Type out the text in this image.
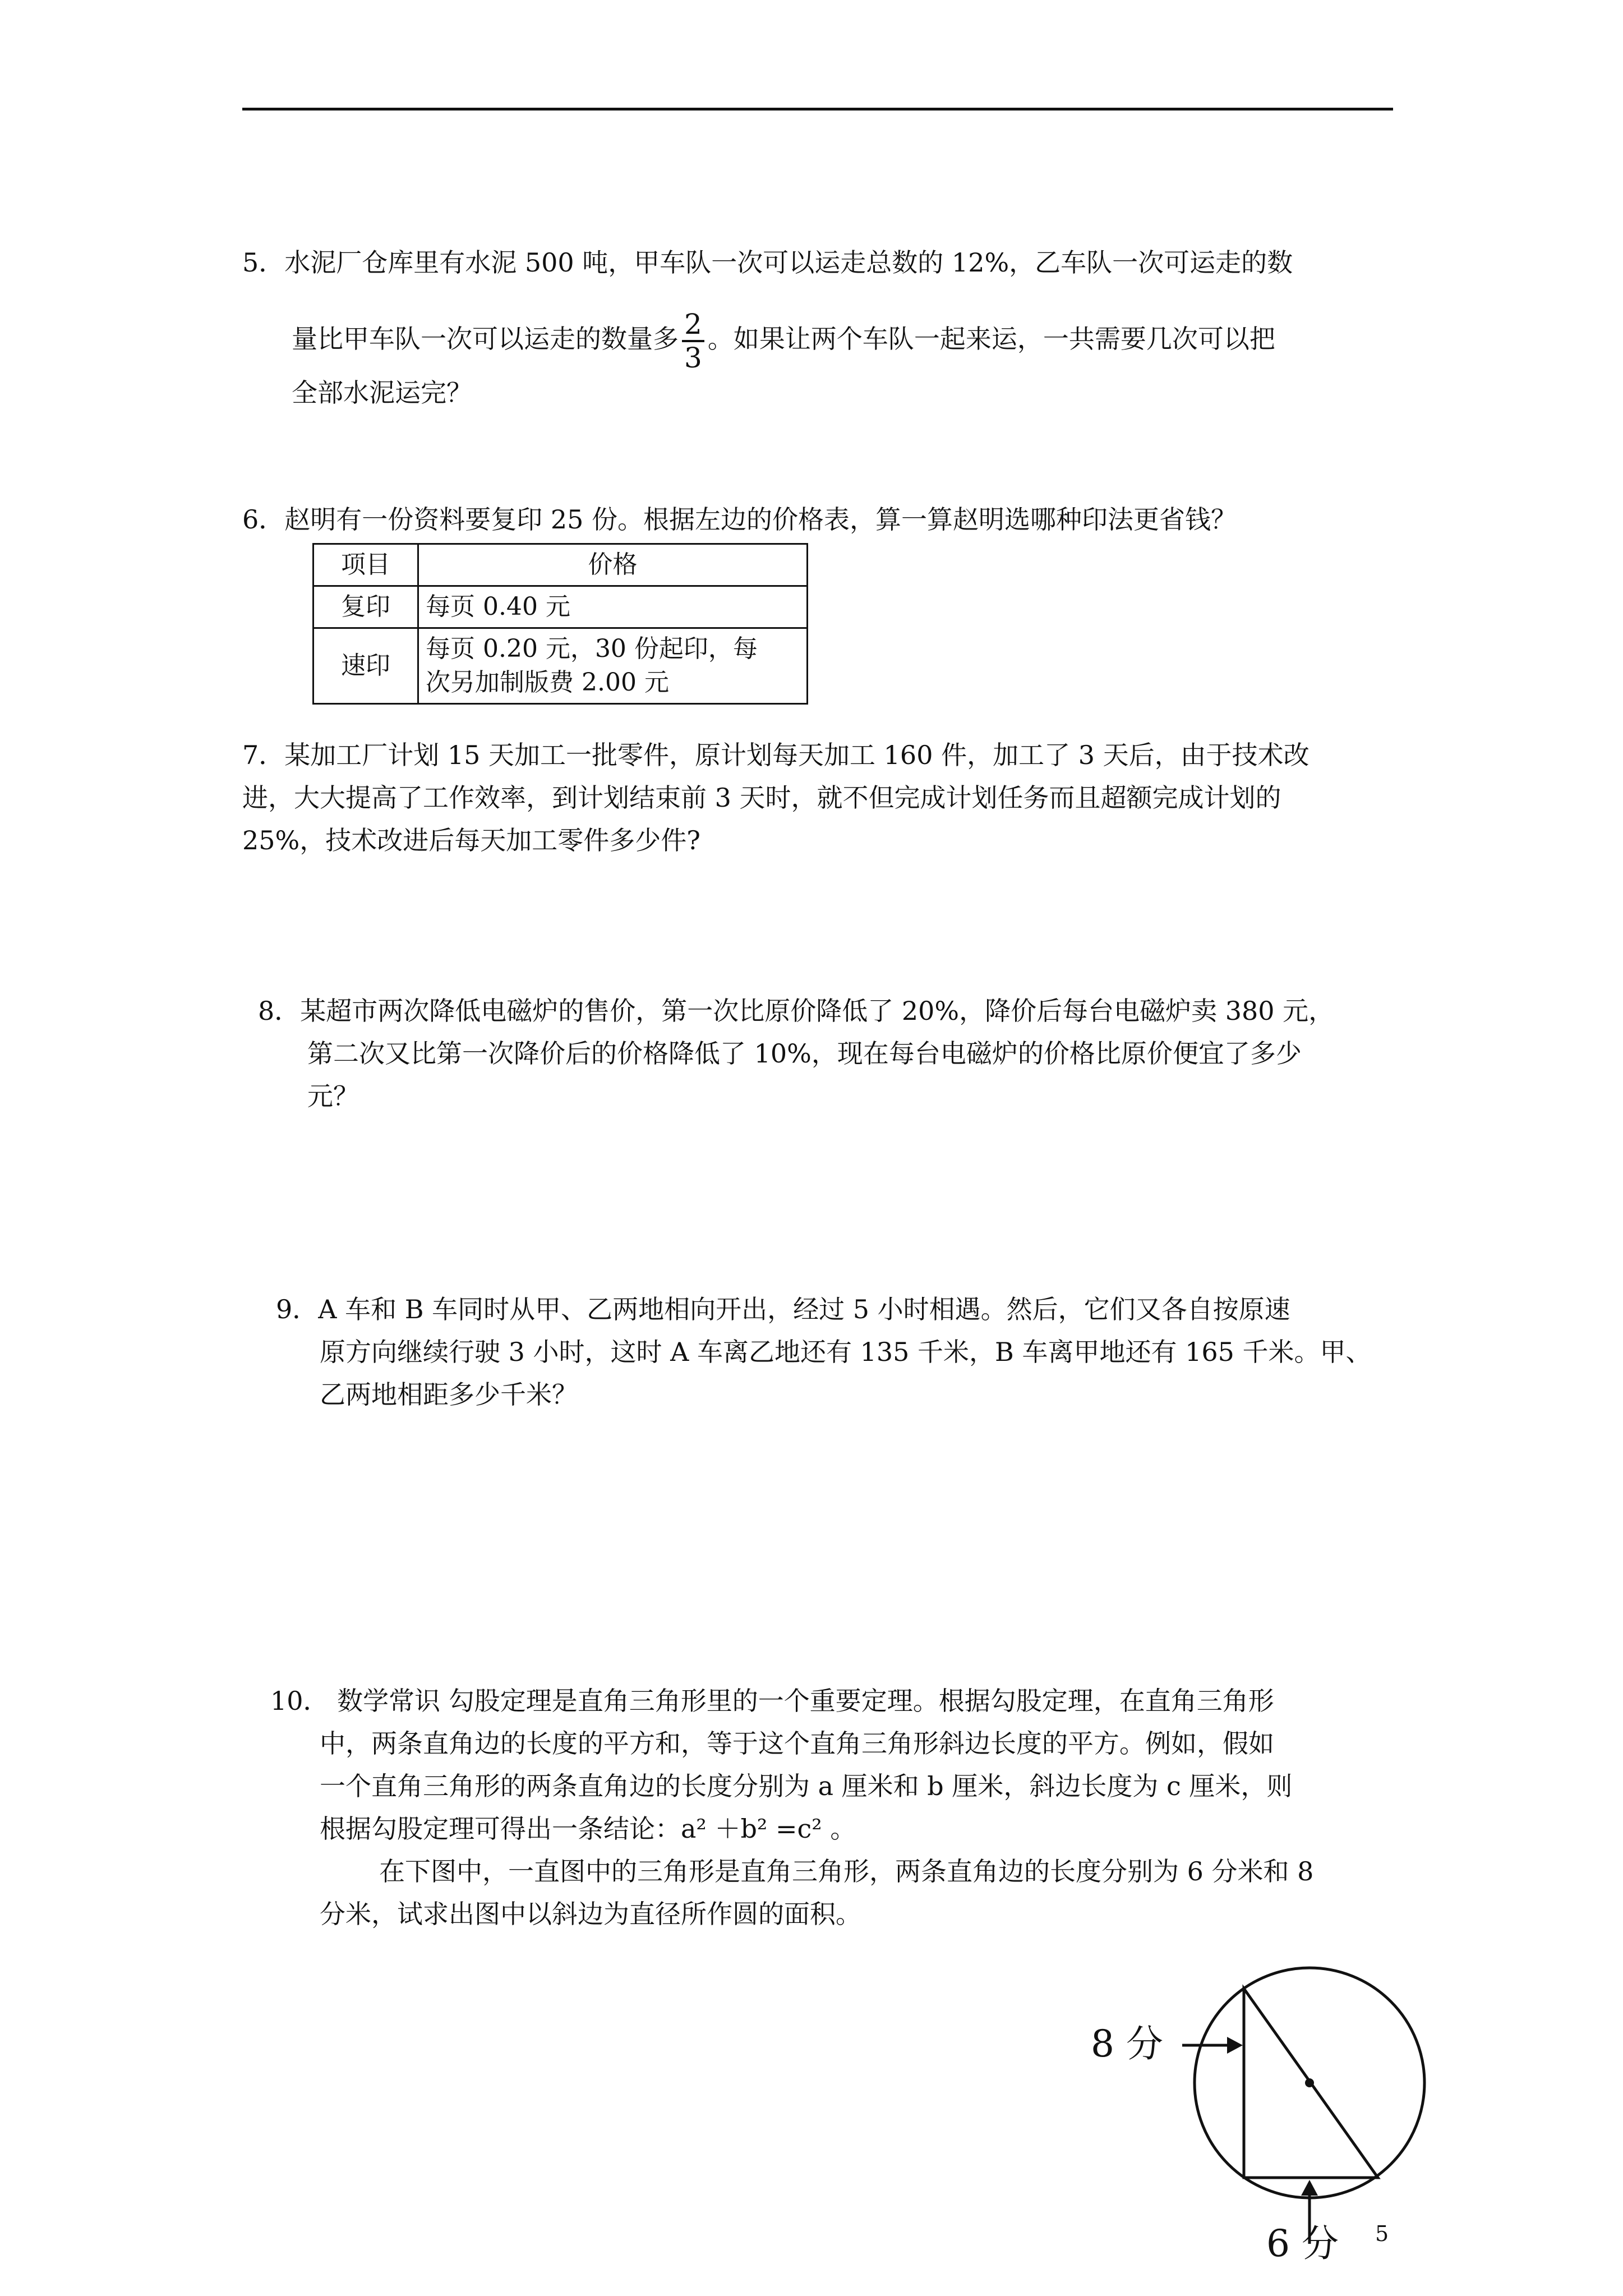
5．水泥厂仓库里有水泥 500 吨，甲车队一次可以运走总数的 12%，乙车队一次可运走的数
量比甲车队一次可以运走的数量多 $\frac{2}{3}$ 。如果让两个车队一起来运，一共需要几次可以把
全部水泥运完？
6．赵明有一份资料要复印 25 份。根据左边的价格表，算一算赵明选哪种印法更省钱？
项目	价格
复印	每页 0.40 元
速印	每页 0.20 元，30 份起印，每
次另加制版费 2.00 元
7．某加工厂计划 15 天加工一批零件，原计划每天加工 160 件，加工了 3 天后，由于技术改
进，大大提高了工作效率，到计划结束前 3 天时，就不但完成计划任务而且超额完成计划的
25%，技术改进后每天加工零件多少件?
8．某超市两次降低电磁炉的售价，第一次比原价降低了 20%，降价后每台电磁炉卖 380 元，
第二次又比第一次降价后的价格降低了 10%，现在每台电磁炉的价格比原价便宜了多少
元？
9．A 车和 B 车同时从甲、乙两地相向开出，经过 5 小时相遇。然后，它们又各自按原速
原方向继续行驶 3 小时，这时 A 车离乙地还有 135 千米，B 车离甲地还有 165 千米。甲、
乙两地相距多少千米？
10． 数学常识 勾股定理是直角三角形里的一个重要定理。根据勾股定理，在直角三角形
中，两条直角边的长度的平方和，等于这个直角三角形斜边长度的平方。例如，假如
一个直角三角形的两条直角边的长度分别为 a 厘米和 b 厘米，斜边长度为 c 厘米，则
根据勾股定理可得出一条结论：a² ＋b² =c² 。
在下图中，一直图中的三角形是直角三角形，两条直角边的长度分别为 6 分米和 8
分米，试求出图中以斜边为直径所作圆的面积。
8 分
6 分 5
